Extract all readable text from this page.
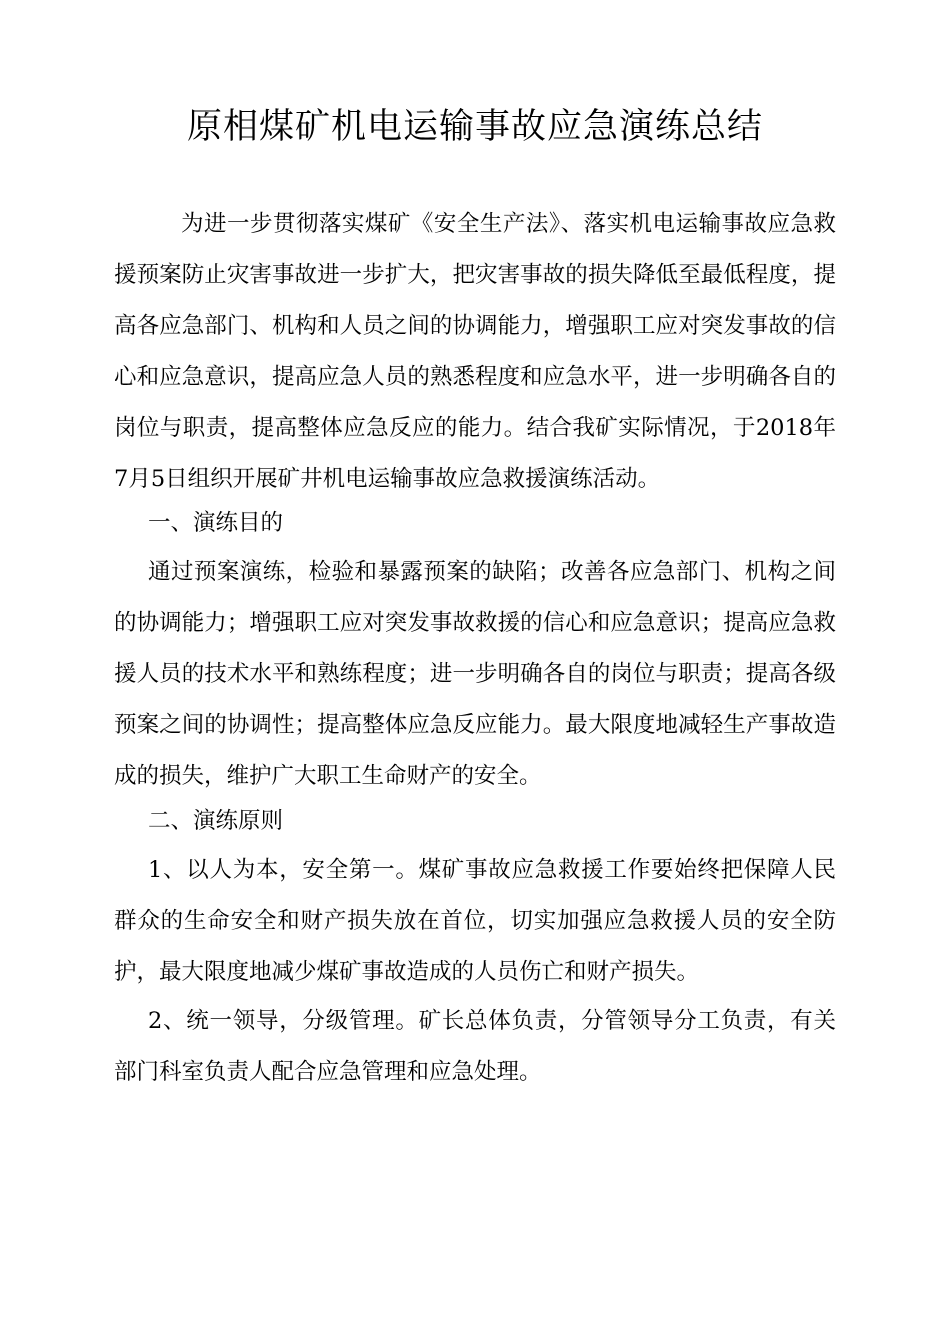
原相煤矿机电运输事故应急演练总结

为进一步贯彻落实煤矿《安全生产法》、落实机电运输事故应急救援预案防止灾害事故进一步扩大，把灾害事故的损失降低至最低程度，提高各应急部门、机构和人员之间的协调能力，增强职工应对突发事故的信心和应急意识，提高应急人员的熟悉程度和应急水平，进一步明确各自的岗位与职责，提高整体应急反应的能力。结合我矿实际情况，于2018年7月5日组织开展矿井机电运输事故应急救援演练活动。

一、演练目的

通过预案演练，检验和暴露预案的缺陷；改善各应急部门、机构之间的协调能力；增强职工应对突发事故救援的信心和应急意识；提高应急救援人员的技术水平和熟练程度；进一步明确各自的岗位与职责；提高各级预案之间的协调性；提高整体应急反应能力。最大限度地减轻生产事故造成的损失，维护广大职工生命财产的安全。

二、演练原则

1、以人为本，安全第一。煤矿事故应急救援工作要始终把保障人民群众的生命安全和财产损失放在首位，切实加强应急救援人员的安全防护，最大限度地减少煤矿事故造成的人员伤亡和财产损失。

2、统一领导，分级管理。矿长总体负责，分管领导分工负责，有关部门科室负责人配合应急管理和应急处理。
